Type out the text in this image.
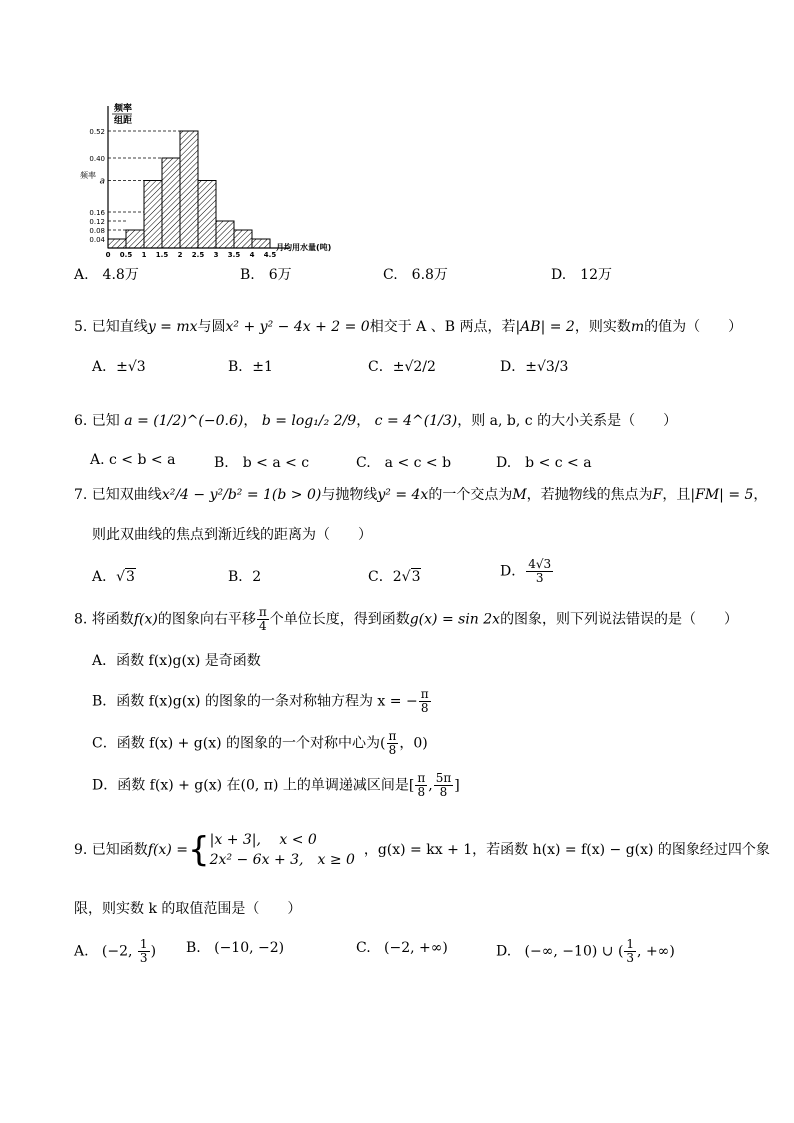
频率
组距
频率
月均用水量(吨)
0 0.5 1 1.5 2 2.5 3 3.5 4 4.5
0.52
0.40
a
0.16
0.12
0.08
0.04
A.　4.8万	B.　6万	C.　6.8万	D.　12万
5. 已知直线y = mx与圆x² + y² − 4x + 2 = 0相交于 A 、B 两点，若|AB| = 2，则实数m的值为（　　）
A．±√3	B．±1	C．±√2/2	D．±√3/3
6. 已知 a = (1/2)^(−0.6)， b = log₁/₂ 2/9， c = 4^(1/3)，则 a, b, c 的大小关系是（　　）
A. c < b < a	B.　b < a < c	C.　a < c < b	D.　b < c < a
7. 已知双曲线x²/4 − y²/b² = 1(b > 0)与抛物线y² = 4x的一个交点为M，若抛物线的焦点为F，且|FM| = 5，
则此双曲线的焦点到渐近线的距离为（　　）
A．√3	B．2	C．2√3	D． $\frac{4√3}{3}$
8. 将函数f(x)的图象向右平移 $\frac{\pi}{4}$ 个单位长度，得到函数g(x) = sin 2x的图象，则下列说法错误的是（　　）
A．函数 f(x)g(x) 是奇函数
B．函数 f(x)g(x) 的图象的一条对称轴方程为 x = − $\frac{\pi}{8}$
C．函数 f(x) + g(x) 的图象的一个对称中心为( $\frac{\pi}{8}$ ，0)
D．函数 f(x) + g(x) 在(0, π) 上的单调递减区间是[ $\frac{\pi}{8}$ , $\frac{5\pi}{8}$ ]
9. 已知函数f(x) ={|x + 3|,　 x < 0
2x² − 6x + 3,　x ≥ 0  ，g(x) = kx + 1，若函数 h(x) = f(x) − g(x) 的图象经过四个象
限，则实数 k 的取值范围是（　　）
A. (−2, $\frac{1}{3}$ ) B. (−10, −2)	C. (−2, +∞)	D. (−∞, −10) ∪ ( $\frac{1}{3}$ , +∞)
